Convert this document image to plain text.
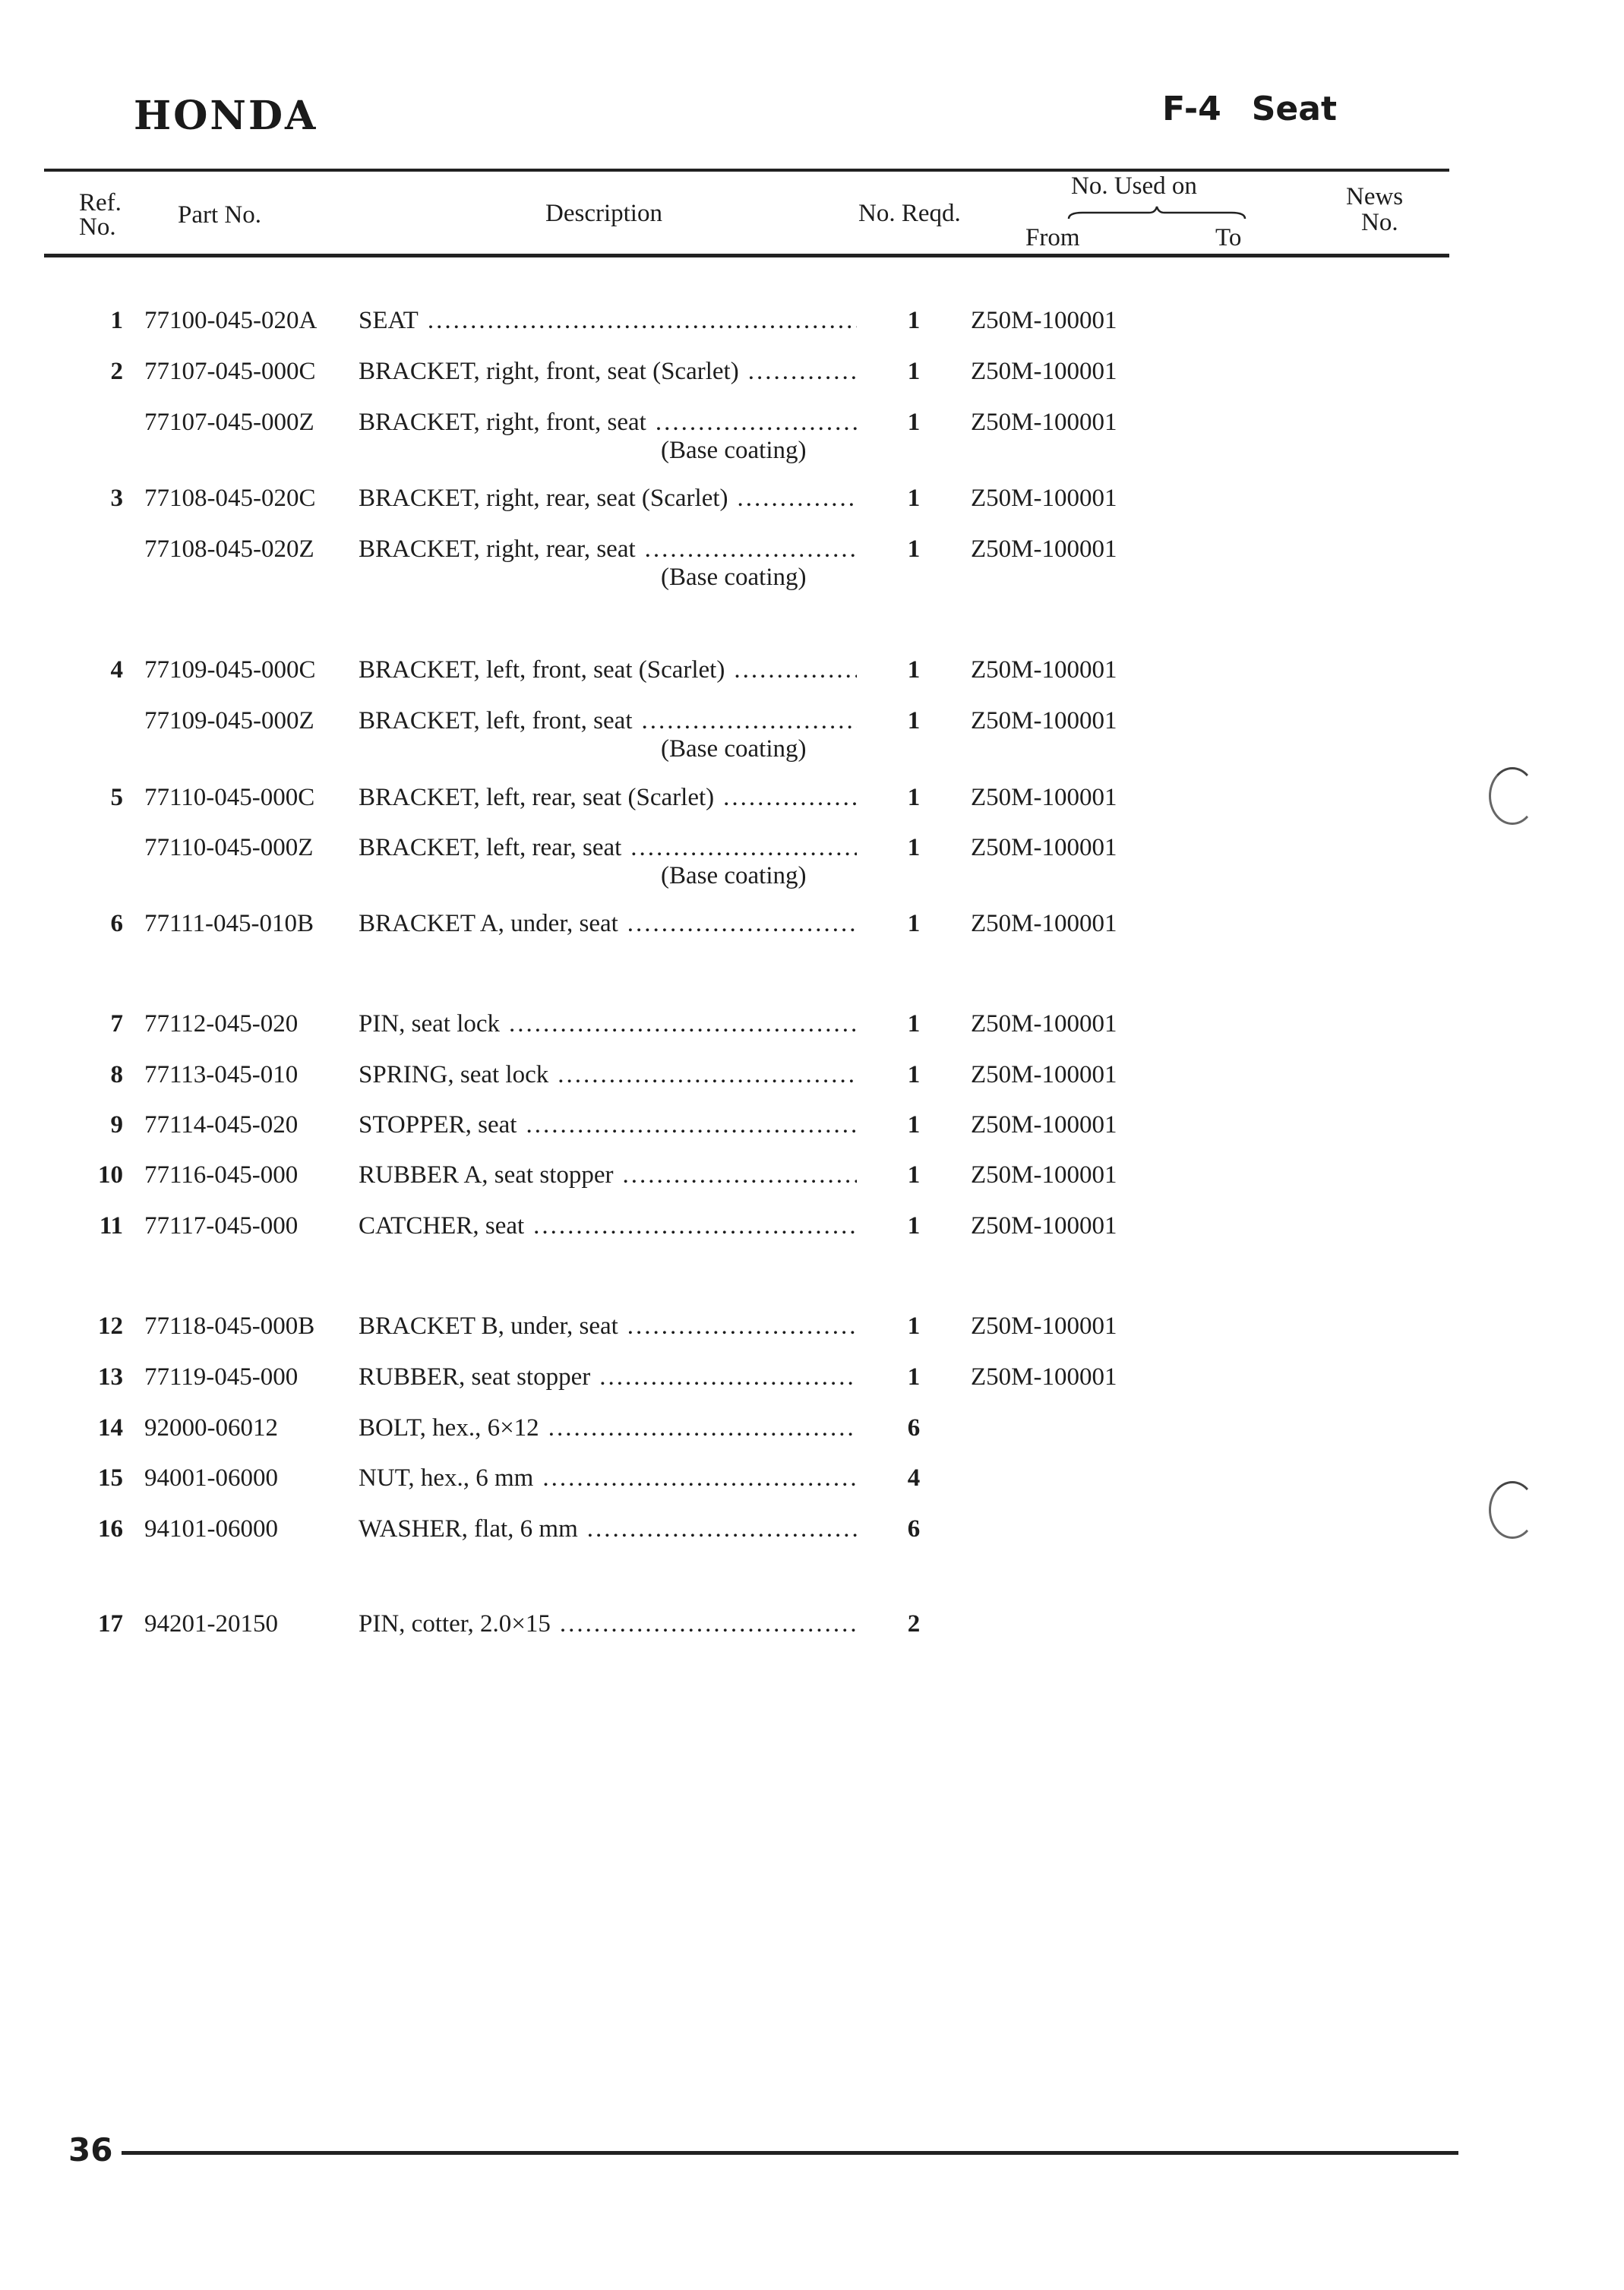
HONDA	F-4 Seat
Ref.
No. Part No.	Description	No. Reqd.
No. Used on
From	To
News
No.
1 77100-045-020A SEAT .....	1 Z50M-100001
2 77107-045-000C BRACKET, right, front, seat (Scarlet) .....	1 Z50M-100001
77107-045-000Z BRACKET, right, front, seat .....	1 Z50M-100001
(Base coating)
3 77108-045-020C BRACKET, right, rear, seat (Scarlet) .....	1 Z50M-100001
77108-045-020Z BRACKET, right, rear, seat .....	1 Z50M-100001
(Base coating)
4 77109-045-000C BRACKET, left, front, seat (Scarlet) .....	1 Z50M-100001
77109-045-000Z BRACKET, left, front, seat .....	1 Z50M-100001
(Base coating)
5 77110-045-000C BRACKET, left, rear, seat (Scarlet) .....	1 Z50M-100001
77110-045-000Z BRACKET, left, rear, seat .....	1 Z50M-100001
(Base coating)
6 77111-045-010B BRACKET A, under, seat .....	1 Z50M-100001
7 77112-045-020 PIN, seat lock .....	1 Z50M-100001
8 77113-045-010 SPRING, seat lock .....	1 Z50M-100001
9 77114-045-020 STOPPER, seat .....	1 Z50M-100001
10 77116-045-000 RUBBER A, seat stopper .....	1 Z50M-100001
11 77117-045-000 CATCHER, seat .....	1 Z50M-100001
12 77118-045-000B BRACKET B, under, seat .....	1 Z50M-100001
13 77119-045-000 RUBBER, seat stopper .....	1 Z50M-100001
14 92000-06012	BOLT, hex., 6×12 .....	6
15 94001-06000	NUT, hex., 6 mm .....	4
16 94101-06000	WASHER, flat, 6 mm .....	6
17 94201-20150	PIN, cotter, 2.0×15 .....	2
36
